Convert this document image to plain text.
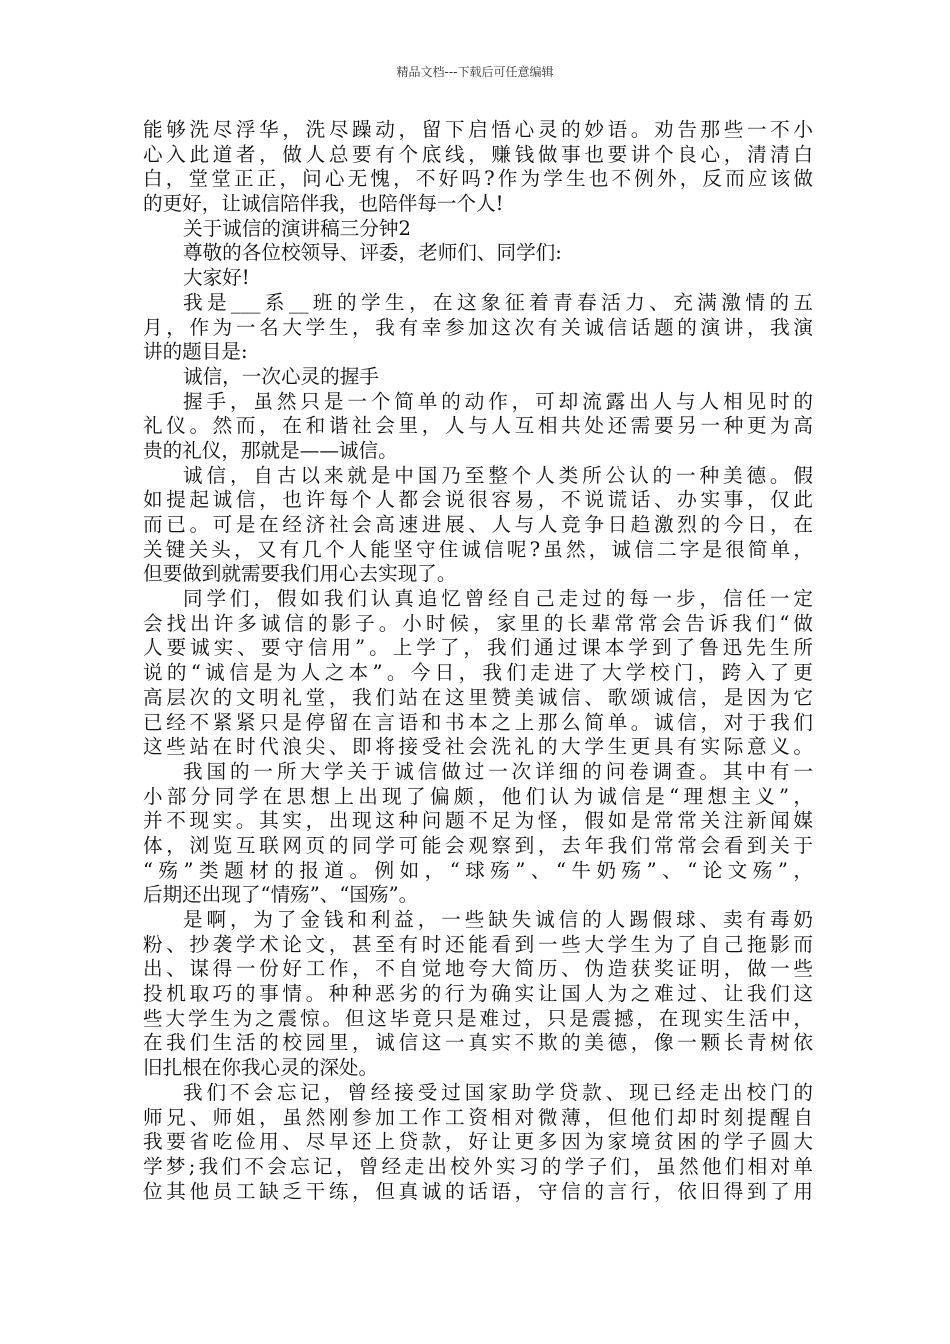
精品文档---下载后可任意编辑
能够洗尽浮华，洗尽躁动，留下启悟心灵的妙语。劝告那些一不小
心入此道者，做人总要有个底线，赚钱做事也要讲个良心，清清白
白，堂堂正正，问心无愧，不好吗?作为学生也不例外，反而应该做
的更好，让诚信陪伴我，也陪伴每一个人!
关于诚信的演讲稿三分钟2
尊敬的各位校领导、评委，老师们、同学们:
大家好!
我是___系__班的学生，在这象征着青春活力、充满激情的五
月，作为一名大学生，我有幸参加这次有关诚信话题的演讲，我演
讲的题目是:
诚信，一次心灵的握手
握手，虽然只是一个简单的动作，可却流露出人与人相见时的
礼仪。然而，在和谐社会里，人与人互相共处还需要另一种更为高
贵的礼仪，那就是——诚信。
诚信，自古以来就是中国乃至整个人类所公认的一种美德。假
如提起诚信，也许每个人都会说很容易，不说谎话、办实事，仅此
而已。可是在经济社会高速进展、人与人竞争日趋激烈的今日，在
关键关头，又有几个人能坚守住诚信呢?虽然，诚信二字是很简单，
但要做到就需要我们用心去实现了。
同学们，假如我们认真追忆曾经自己走过的每一步，信任一定
会找出许多诚信的影子。小时候，家里的长辈常常会告诉我们“做
人要诚实、要守信用”。上学了，我们通过课本学到了鲁迅先生所
说的“诚信是为人之本”。今日，我们走进了大学校门，跨入了更
高层次的文明礼堂，我们站在这里赞美诚信、歌颂诚信，是因为它
已经不紧紧只是停留在言语和书本之上那么简单。诚信，对于我们
这些站在时代浪尖、即将接受社会洗礼的大学生更具有实际意义。
我国的一所大学关于诚信做过一次详细的问卷调查。其中有一
小部分同学在思想上出现了偏颇，他们认为诚信是“理想主义”，
并不现实。其实，出现这种问题不足为怪，假如是常常关注新闻媒
体，浏览互联网页的同学可能会观察到，去年我们常常会看到关于
“殇”类题材的报道。例如，“球殇”、“牛奶殇”、“论文殇”，
后期还出现了“情殇”、“国殇”。
是啊，为了金钱和利益，一些缺失诚信的人踢假球、卖有毒奶
粉、抄袭学术论文，甚至有时还能看到一些大学生为了自己拖影而
出、谋得一份好工作，不自觉地夸大简历、伪造获奖证明，做一些
投机取巧的事情。种种恶劣的行为确实让国人为之难过、让我们这
些大学生为之震惊。但这毕竟只是难过，只是震撼，在现实生活中，
在我们生活的校园里，诚信这一真实不欺的美德，像一颗长青树依
旧扎根在你我心灵的深处。
我们不会忘记，曾经接受过国家助学贷款、现已经走出校门的
师兄、师姐，虽然刚参加工作工资相对微薄，但他们却时刻提醒自
我要省吃俭用、尽早还上贷款，好让更多因为家境贫困的学子圆大
学梦;我们不会忘记，曾经走出校外实习的学子们，虽然他们相对单
位其他员工缺乏干练，但真诚的话语，守信的言行，依旧得到了用
